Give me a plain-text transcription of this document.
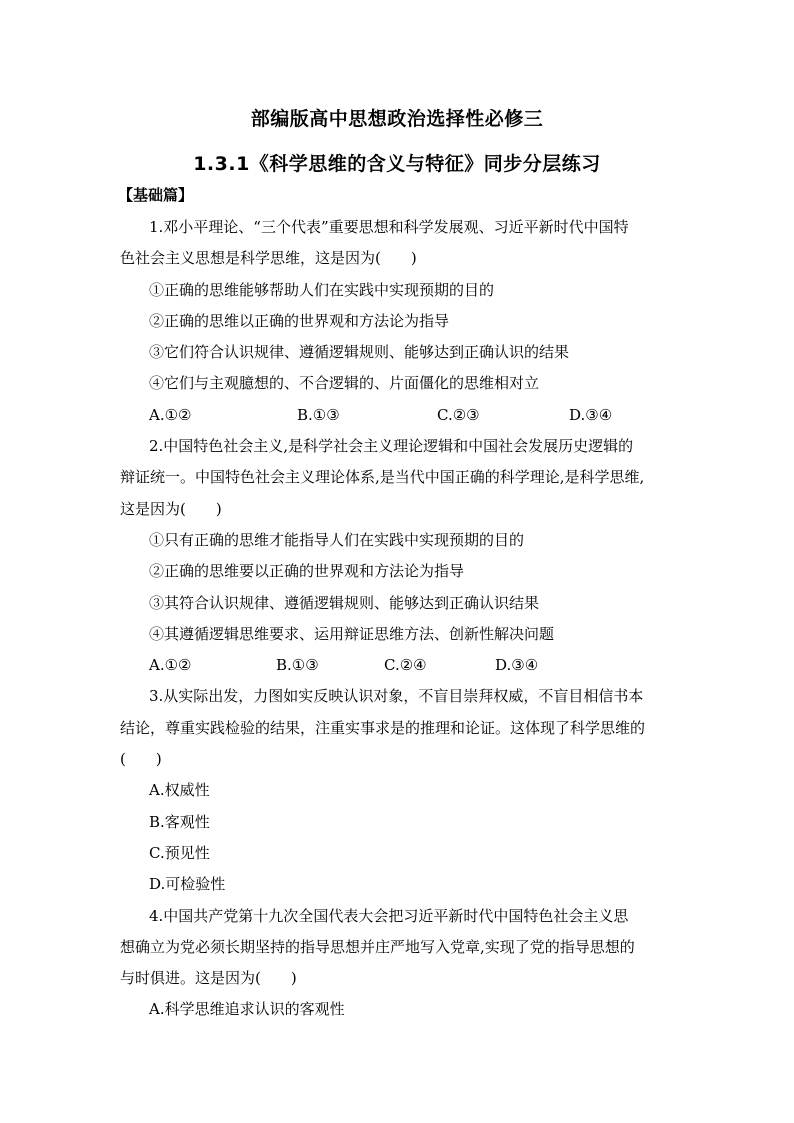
部编版高中思想政治选择性必修三
1.3.1《科学思维的含义与特征》同步分层练习
【基础篇】
1.邓小平理论、“三个代表”重要思想和科学发展观、习近平新时代中国特
色社会主义思想是科学思维，这是因为(　　)
①正确的思维能够帮助人们在实践中实现预期的目的
②正确的思维以正确的世界观和方法论为指导
③它们符合认识规律、遵循逻辑规则、能够达到正确认识的结果
④它们与主观臆想的、不合逻辑的、片面僵化的思维相对立
A.①②	B.①③	C.②③	D.③④
2.中国特色社会主义,是科学社会主义理论逻辑和中国社会发展历史逻辑的
辩证统一。中国特色社会主义理论体系,是当代中国正确的科学理论,是科学思维,
这是因为(　　)
①只有正确的思维才能指导人们在实践中实现预期的目的
②正确的思维要以正确的世界观和方法论为指导
③其符合认识规律、遵循逻辑规则、能够达到正确认识结果
④其遵循逻辑思维要求、运用辩证思维方法、创新性解决问题
A.①②	B.①③	C.②④	D.③④
3.从实际出发，力图如实反映认识对象，不盲目崇拜权威，不盲目相信书本
结论，尊重实践检验的结果，注重实事求是的推理和论证。这体现了科学思维的
(　　)
A.权威性
B.客观性
C.预见性
D.可检验性
4.中国共产党第十九次全国代表大会把习近平新时代中国特色社会主义思
想确立为党必须长期坚持的指导思想并庄严地写入党章,实现了党的指导思想的
与时俱进。这是因为(　　)
A.科学思维追求认识的客观性
